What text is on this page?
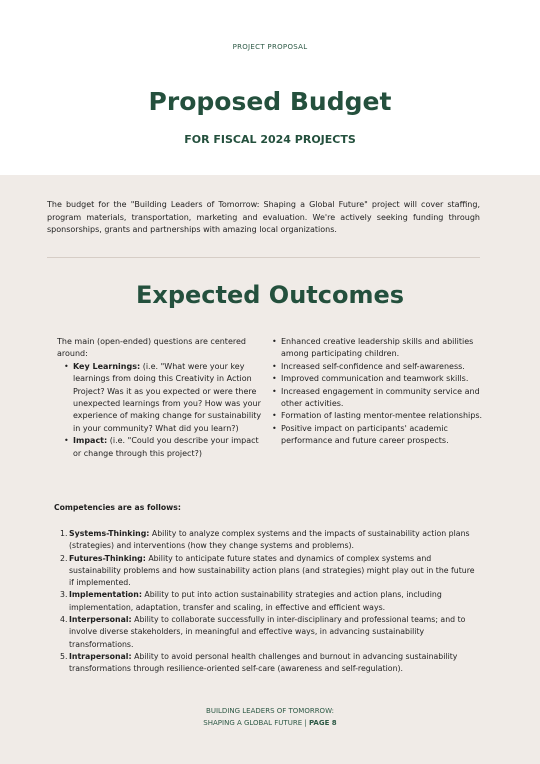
PROJECT PROPOSAL
Proposed Budget
FOR FISCAL 2024 PROJECTS

The budget for the "Building Leaders of Tomorrow: Shaping a Global Future" project will cover staffing, program materials, transportation, marketing and evaluation. We're actively seeking funding through sponsorships, grants and partnerships with amazing local organizations.

Expected Outcomes

The main (open-ended) questions are centered around:

• Key Learnings: (i.e. "What were your key learnings from doing this Creativity in Action Project? Was it as you expected or were there unexpected learnings from you? How was your experience of making change for sustainability in your community? What did you learn?)
• Impact: (i.e. "Could you describe your impact or change through this project?)
• Enhanced creative leadership skills and abilities among participating children.
• Increased self-confidence and self-awareness.
• Improved communication and teamwork skills.
• Increased engagement in community service and other activities.
• Formation of lasting mentor-mentee relationships.
• Positive impact on participants' academic performance and future career prospects.
Competencies are as follows:
1. Systems-Thinking: Ability to analyze complex systems and the impacts of sustainability action plans (strategies) and interventions (how they change systems and problems).
2. Futures-Thinking: Ability to anticipate future states and dynamics of complex systems and sustainability problems and how sustainability action plans (and strategies) might play out in the future if implemented.
3. Implementation: Ability to put into action sustainability strategies and action plans, including implementation, adaptation, transfer and scaling, in effective and efficient ways.
4. Interpersonal: Ability to collaborate successfully in inter-disciplinary and professional teams; and to involve diverse stakeholders, in meaningful and effective ways, in advancing sustainability transformations.
5. Intrapersonal: Ability to avoid personal health challenges and burnout in advancing sustainability transformations through resilience-oriented self-care (awareness and self-regulation).
BUILDING LEADERS OF TOMORROW:
SHAPING A GLOBAL FUTURE | PAGE 8
